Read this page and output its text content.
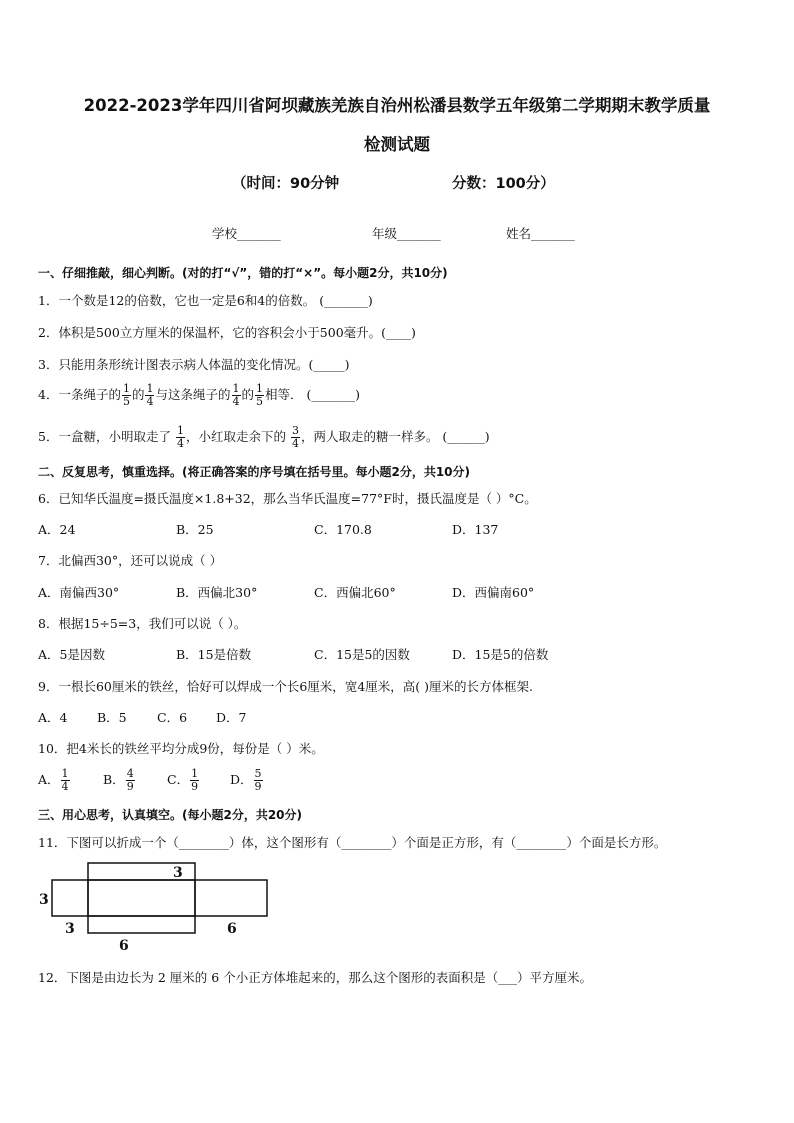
2022-2023学年四川省阿坝藏族羌族自治州松潘县数学五年级第二学期期末教学质量
检测试题
（时间：90分钟	分数：100分）
学校_______	年级_______	姓名_______
一、仔细推敲，细心判断。(对的打“√”，错的打“×”。每小题2分，共10分)
1．一个数是12的倍数，它也一定是6和4的倍数。 (_______)
2．体积是500立方厘米的保温杯，它的容积会小于500毫升。(____)
3．只能用条形统计图表示病人体温的变化情况。(_____)
4．一条绳子的 $\frac{1}{5}$ 的 $\frac{1}{4}$ 与这条绳子的 $\frac{1}{4}$ 的 $\frac{1}{5}$ 相等． (_______)
5．一盒糖，小明取走了 $\frac{1}{4}$ ，小红取走余下的 $\frac{3}{4}$ ，两人取走的糖一样多。 (______)
二、反复思考，慎重选择。(将正确答案的序号填在括号里。每小题2分，共10分)
6．已知华氏温度=摄氏温度×1.8+32，那么当华氏温度=77°F时，摄氏温度是（ ）°C。
A．24	B．25	C．170.8	D．137
7．北偏西30°，还可以说成（ ）
A．南偏西30°	B．西偏北30°	C．西偏北60°	D．西偏南60°
8．根据15÷5=3，我们可以说（ ）。
A．5是因数	B．15是倍数	C．15是5的因数	D．15是5的倍数
9．一根长60厘米的铁丝，恰好可以焊成一个长6厘米，宽4厘米，高( )厘米的长方体框架.
A．4 B．5 C．6 D．7
10．把4米长的铁丝平均分成9份，每份是（ ）米。
A． $\frac{1}{4}$	B． $\frac{4}{9}$	C． $\frac{1}{9}$ D． $\frac{5}{9}$
三、用心思考，认真填空。(每小题2分，共20分)
11．下图可以折成一个（________）体，这个图形有（________）个面是正方形，有（________）个面是长方形。
3
3
3
6
6
12．下图是由边长为 2 厘米的 6 个小正方体堆起来的，那么这个图形的表面积是（___）平方厘米。
